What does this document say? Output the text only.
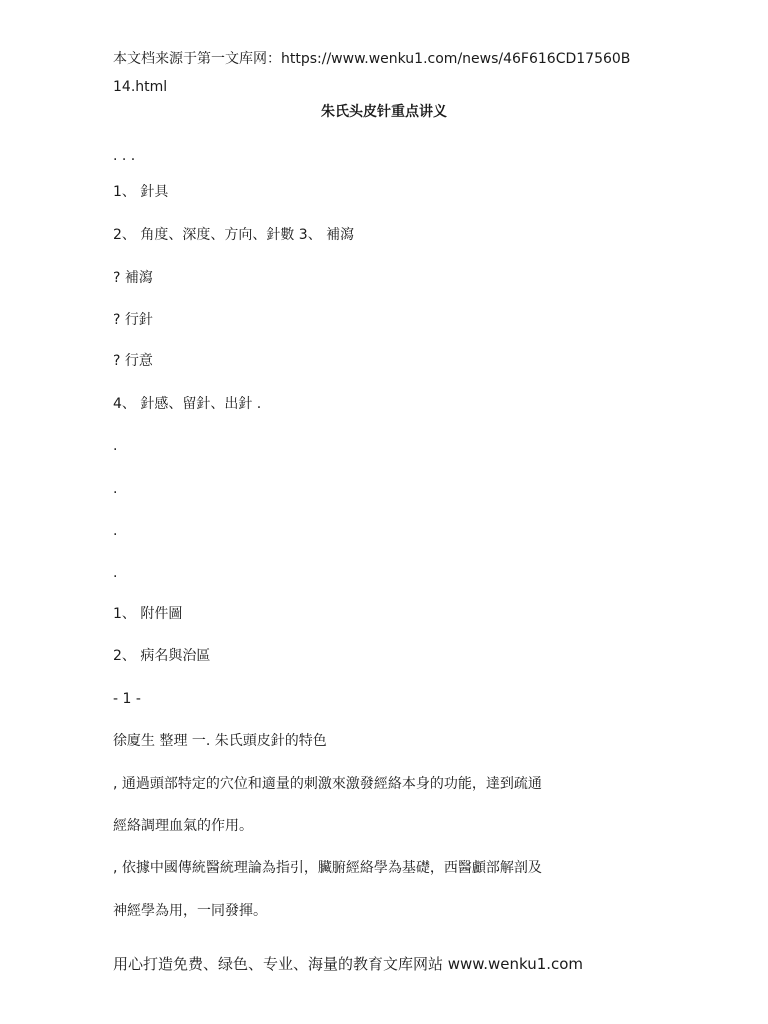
本文档来源于第一文库网：https://www.wenku1.com/news/46F616CD17560B
14.html
朱氏头皮针重点讲义
. . .
1、 針具
2、 角度、深度、方向、針數 3、 補瀉
? 補瀉
? 行針
? 行意
4、 針感、留針、出針 .
.
.
.
.
1、 附件圖
2、 病名與治區
- 1 -
徐廈生 整理 一. 朱氏頭皮針的特色
, 通過頭部特定的穴位和適量的刺激來激發經絡本身的功能，達到疏通
經絡調理血氣的作用。
, 依據中國傳統醫統理論為指引，臟腑經絡學為基礎，西醫顱部解剖及
神經學為用，一同發揮。
用心打造免费、绿色、专业、海量的教育文库网站 www.wenku1.com
